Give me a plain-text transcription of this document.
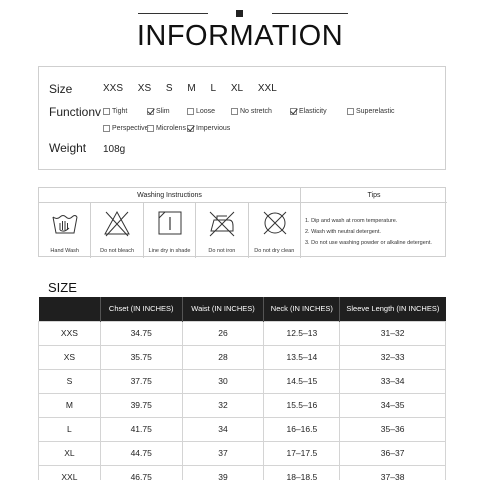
INFORMATION
Size	XXS XS S M L XL XXL
Functionv Tight	Slim	Loose	No stretch	Elasticity	Superelastic
Perspective Microlens Impervious
Weight 108g
Washing Instructions	Tips
Hand Wash	Do not bleach	Line dry in shade	Do not iron	Do not dry clean
1. Dip and wash at room temperature.
2. Wash with neutral detergent.
3. Do not use washing powder or alkaline detergent.
SIZE
	Chset (IN INCHES)	Waist (IN INCHES)	Neck (IN INCHES)	Sleeve Length (IN INCHES)
XXS	34.75	26	12.5–13	31–32
XS	35.75	28	13.5–14	32–33
S	37.75	30	14.5–15	33–34
M	39.75	32	15.5–16	34–35
L	41.75	34	16–16.5	35–36
XL	44.75	37	17–17.5	36–37
XXL	46.75	39	18–18.5	37–38
